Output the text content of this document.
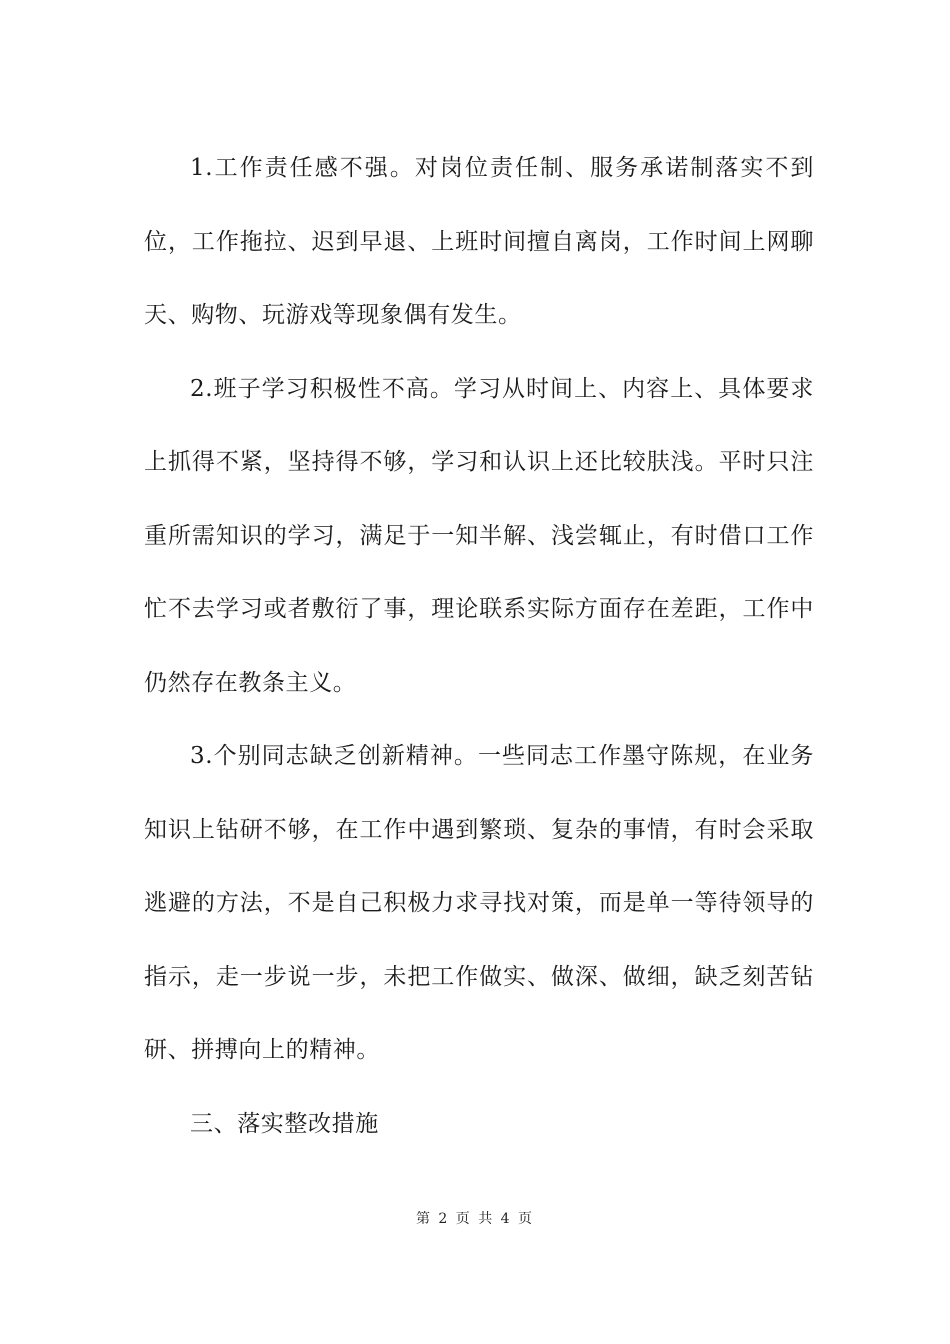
1.工作责任感不强。对岗位责任制、服务承诺制落实不到位，工作拖拉、迟到早退、上班时间擅自离岗，工作时间上网聊天、购物、玩游戏等现象偶有发生。

2.班子学习积极性不高。学习从时间上、内容上、具体要求上抓得不紧，坚持得不够，学习和认识上还比较肤浅。平时只注重所需知识的学习，满足于一知半解、浅尝辄止，有时借口工作忙不去学习或者敷衍了事，理论联系实际方面存在差距，工作中仍然存在教条主义。

3.个别同志缺乏创新精神。一些同志工作墨守陈规，在业务知识上钻研不够，在工作中遇到繁琐、复杂的事情，有时会采取逃避的方法，不是自己积极力求寻找对策，而是单一等待领导的指示，走一步说一步，未把工作做实、做深、做细，缺乏刻苦钻研、拼搏向上的精神。

三、落实整改措施

第 2 页 共 4 页
